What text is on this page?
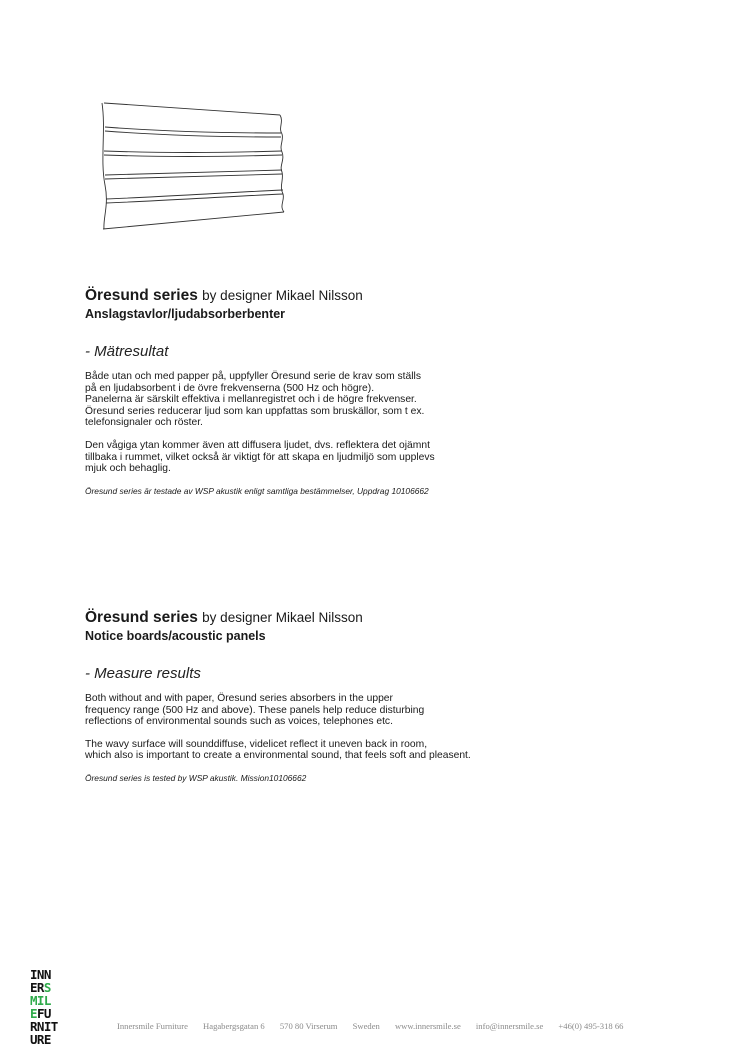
Öresund series by designer Mikael Nilsson
Anslagstavlor/ljudabsorberbenter
- Mätresultat
Både utan och med papper på, uppfyller Öresund serie de krav som ställs
på en ljudabsorbent i de övre frekvenserna (500 Hz och högre).
Panelerna är särskilt effektiva i mellanregistret och i de högre frekvenser.
Öresund series reducerar ljud som kan uppfattas som bruskällor, som t ex.
telefonsignaler och röster.
Den vågiga ytan kommer även att diffusera ljudet, dvs. reflektera det ojämnt
tillbaka i rummet, vilket också är viktigt för att skapa en ljudmiljö som upplevs
mjuk och behaglig.
Öresund series är testade av WSP akustik enligt samtliga bestämmelser, Uppdrag 10106662
Öresund series by designer Mikael Nilsson
Notice boards/acoustic panels
- Measure results
Both without and with paper, Öresund series absorbers in the upper
frequency range (500 Hz and above). These panels help reduce disturbing
reflections of environmental sounds such as voices, telephones etc.
The wavy surface will sounddiffuse, videlicet reflect it uneven back in room,
which also is important to create a environmental sound, that feels soft and pleasent.
Öresund series is tested by WSP akustik. Mission10106662
INN
ERS
MIL
EFU
RNIT
URE
Innersmile Furniture Hagabergsgatan 6 570 80 Virserum Sweden www.innersmile.se info@innersmile.se +46(0) 495-318 66
